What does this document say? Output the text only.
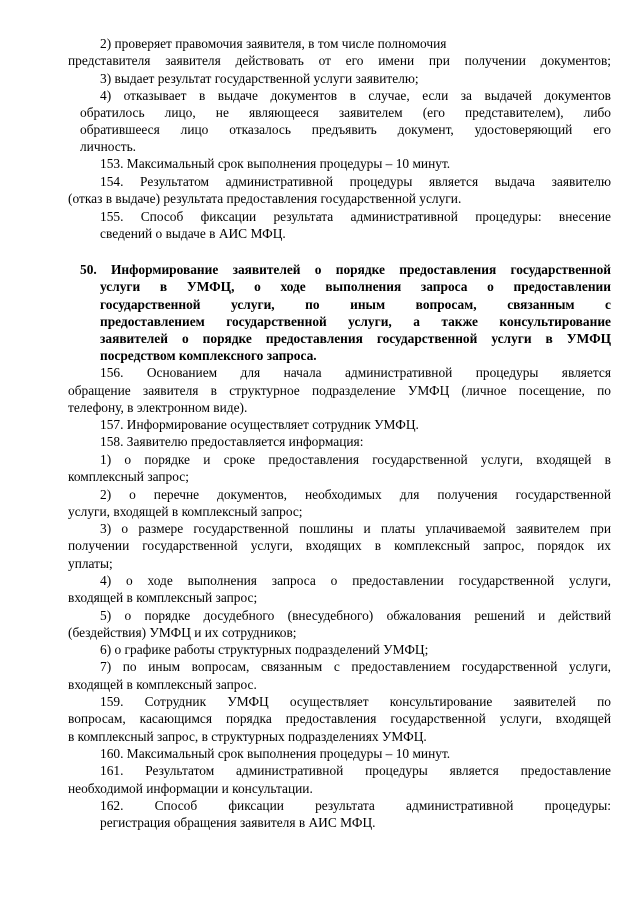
2) проверяет правомочия заявителя, в том числе полномочия
представителя заявителя действовать от его имени при получении документов;
3) выдает результат государственной услуги заявителю;
4) отказывает в выдаче документов в случае, если за выдачей документов
обратилось лицо, не являющееся заявителем (его представителем), либо
обратившееся лицо отказалось предъявить документ, удостоверяющий его
личность.
153. Максимальный срок выполнения процедуры – 10 минут.
154. Результатом административной процедуры является выдача заявителю
(отказ в выдаче) результата предоставления государственной услуги.
155. Способ фиксации результата административной процедуры: внесение
сведений о выдаче в АИС МФЦ.
50. Информирование заявителей о порядке предоставления государственной
услуги в УМФЦ, о ходе выполнения запроса о предоставлении
государственной услуги, по иным вопросам, связанным с
предоставлением государственной услуги, а также консультирование
заявителей о порядке предоставления государственной услуги в УМФЦ
посредством комплексного запроса.
156. Основанием для начала административной процедуры является
обращение заявителя в структурное подразделение УМФЦ (личное посещение, по
телефону, в электронном виде).
157. Информирование осуществляет сотрудник УМФЦ.
158. Заявителю предоставляется информация:
1) о порядке и сроке предоставления государственной услуги, входящей в
комплексный запрос;
2) о перечне документов, необходимых для получения государственной
услуги, входящей в комплексный запрос;
3) о размере государственной пошлины и платы уплачиваемой заявителем при
получении государственной услуги, входящих в комплексный запрос, порядок их
уплаты;
4) о ходе выполнения запроса о предоставлении государственной услуги,
входящей в комплексный запрос;
5) о порядке досудебного (внесудебного) обжалования решений и действий
(бездействия) УМФЦ и их сотрудников;
6) о графике работы структурных подразделений УМФЦ;
7) по иным вопросам, связанным с предоставлением государственной услуги,
входящей в комплексный запрос.
159. Сотрудник УМФЦ осуществляет консультирование заявителей по
вопросам, касающимся порядка предоставления государственной услуги, входящей
в комплексный запрос, в структурных подразделениях УМФЦ.
160. Максимальный срок выполнения процедуры – 10 минут.
161. Результатом административной процедуры является предоставление
необходимой информации и консультации.
162. Способ фиксации результата административной процедуры:
регистрация обращения заявителя в АИС МФЦ.
